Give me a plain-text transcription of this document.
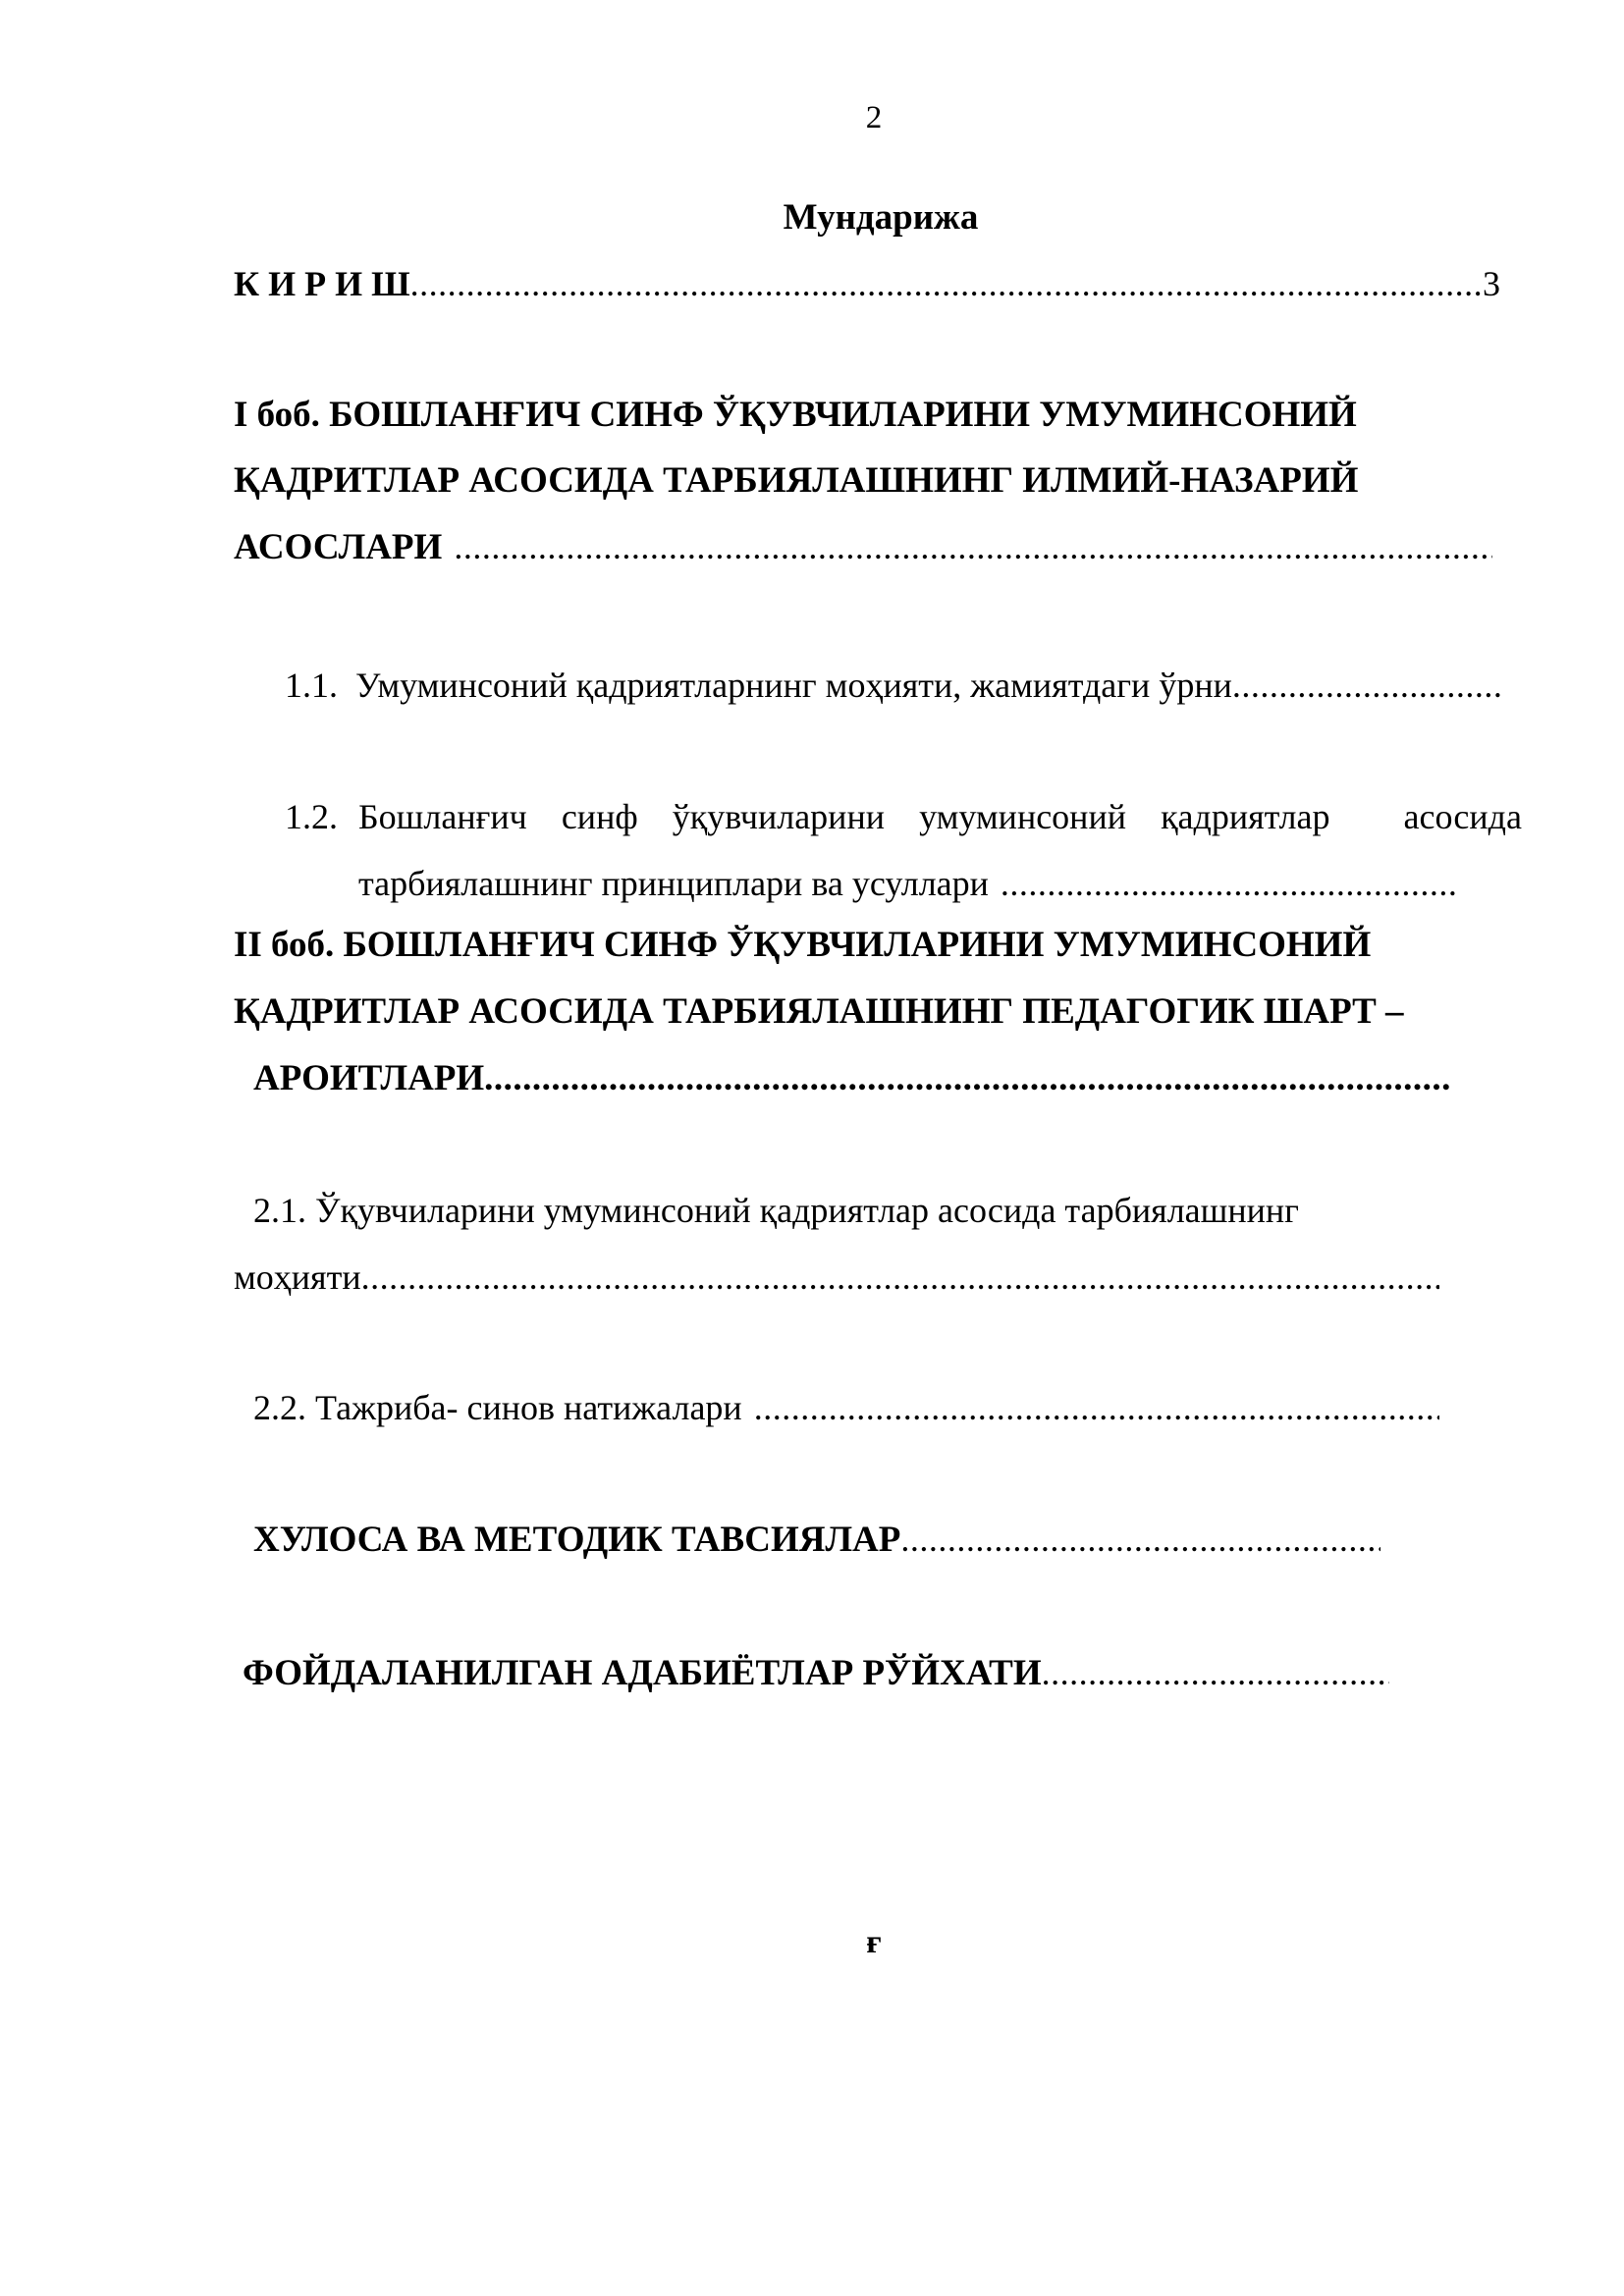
2
Мундарижа
К И Р И Ш
.....	3
I боб. БОШЛАНҒИЧ СИНФ ЎҚУВЧИЛАРИНИ УМУМИНСОНИЙ
ҚАДРИТЛАР АСОСИДА ТАРБИЯЛАШНИНГ ИЛМИЙ-НАЗАРИЙ
АСОСЛАРИ
.....
1.1. Умуминсоний қадриятларнинг моҳияти, жамиятдаги ўрни
.....
1.2. Бошланғич синф ўқувчиларини умуминсоний қадриятлар асосида
тарбиялашнинг принциплари ва усуллари
.....
II боб. БОШЛАНҒИЧ СИНФ ЎҚУВЧИЛАРИНИ УМУМИНСОНИЙ
ҚАДРИТЛАР АСОСИДА ТАРБИЯЛАШНИНГ ПЕДАГОГИК ШАРТ –
АРОИТЛАРИ
.....
2.1. Ўқувчиларини умуминсоний қадриятлар асосида тарбиялашнинг
моҳияти
.....
2.2. Тажриба- синов натижалари
.....
ХУЛОСА ВА МЕТОДИК ТАВСИЯЛАР
.....
ФОЙДАЛАНИЛГАН АДАБИЁТЛАР РЎЙХАТИ
.....
ғ
